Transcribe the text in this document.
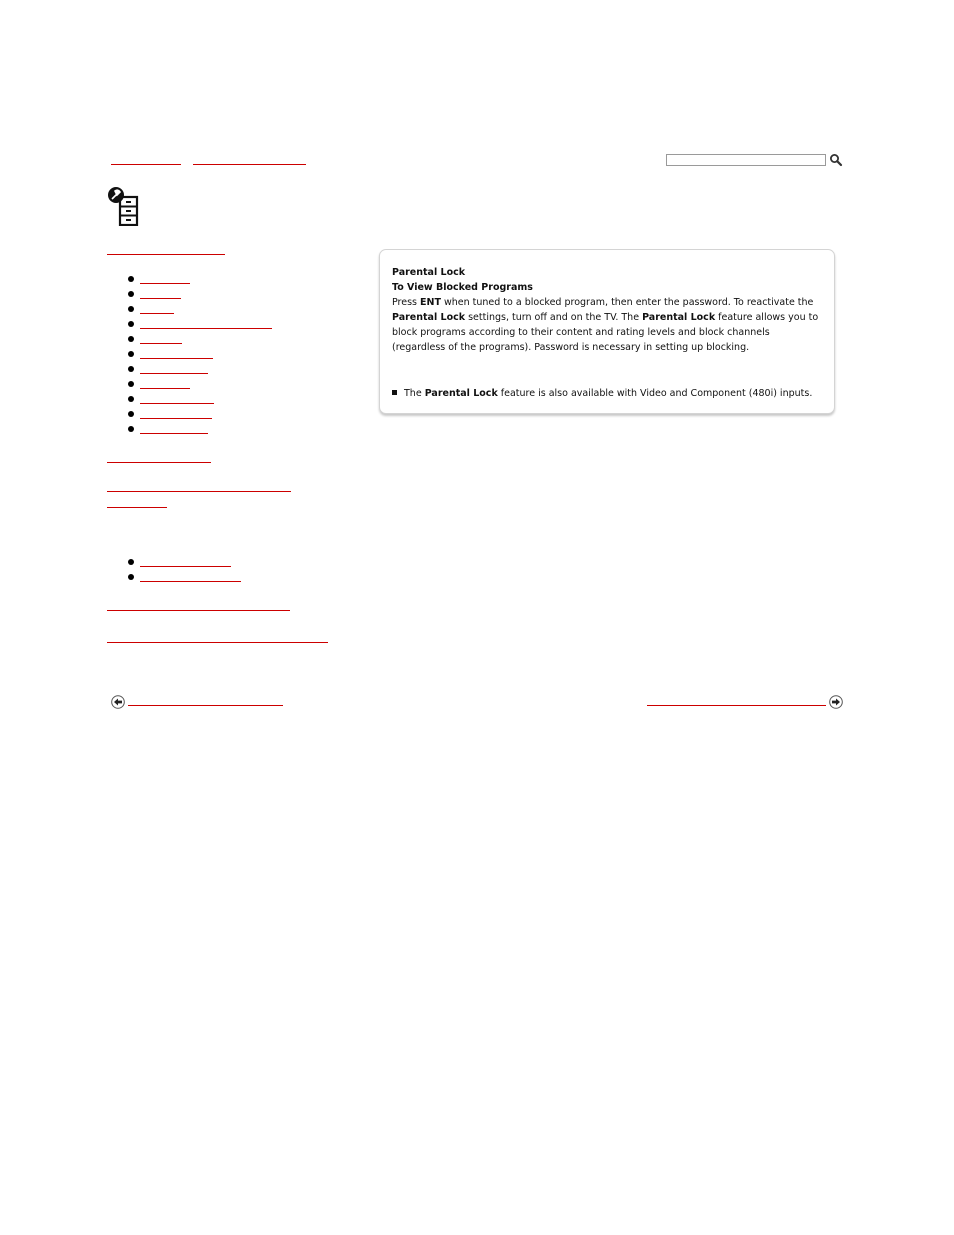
Parental Lock
To View Blocked Programs
Press ENT when tuned to a blocked program, then enter the password. To reactivate the Parental Lock settings, turn off and on the TV. The Parental Lock feature allows you to block programs according to their content and rating levels and block channels (regardless of the programs). Password is necessary in setting up blocking.
The Parental Lock feature is also available with Video and Component (480i) inputs.
